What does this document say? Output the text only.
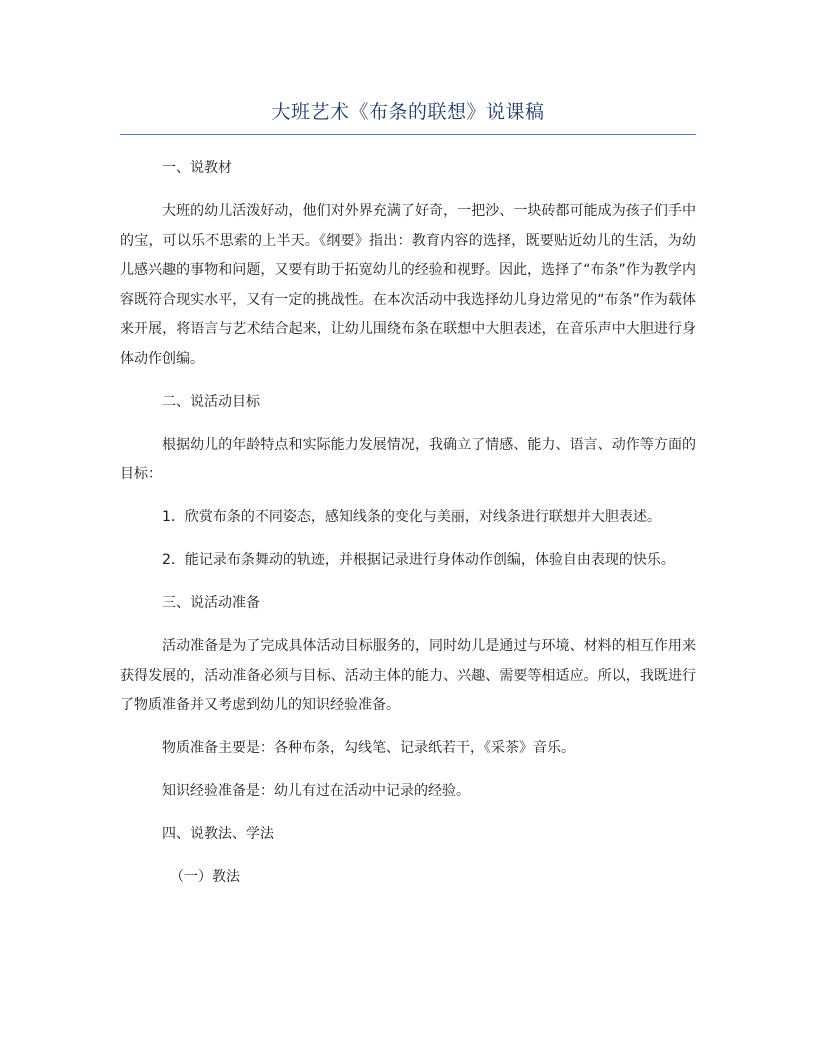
大班艺术《布条的联想》说课稿

一、说教材

大班的幼儿活泼好动，他们对外界充满了好奇，一把沙、一块砖都可能成为孩子们手中的宝，可以乐不思索的上半天。《纲要》指出：教育内容的选择，既要贴近幼儿的生活，为幼儿感兴趣的事物和问题，又要有助于拓宽幼儿的经验和视野。因此，选择了“布条”作为教学内容既符合现实水平，又有一定的挑战性。在本次活动中我选择幼儿身边常见的“布条”作为载体来开展，将语言与艺术结合起来，让幼儿围绕布条在联想中大胆表述，在音乐声中大胆进行身体动作创编。

二、说活动目标

根据幼儿的年龄特点和实际能力发展情况，我确立了情感、能力、语言、动作等方面的目标：

1．欣赏布条的不同姿态，感知线条的变化与美丽，对线条进行联想并大胆表述。

2．能记录布条舞动的轨迹，并根据记录进行身体动作创编，体验自由表现的快乐。

三、说活动准备

活动准备是为了完成具体活动目标服务的，同时幼儿是通过与环境、材料的相互作用来获得发展的，活动准备必须与目标、活动主体的能力、兴趣、需要等相适应。所以，我既进行了物质准备并又考虑到幼儿的知识经验准备。

物质准备主要是：各种布条，勾线笔、记录纸若干，《采茶》音乐。

知识经验准备是：幼儿有过在活动中记录的经验。

四、说教法、学法

（一）教法
